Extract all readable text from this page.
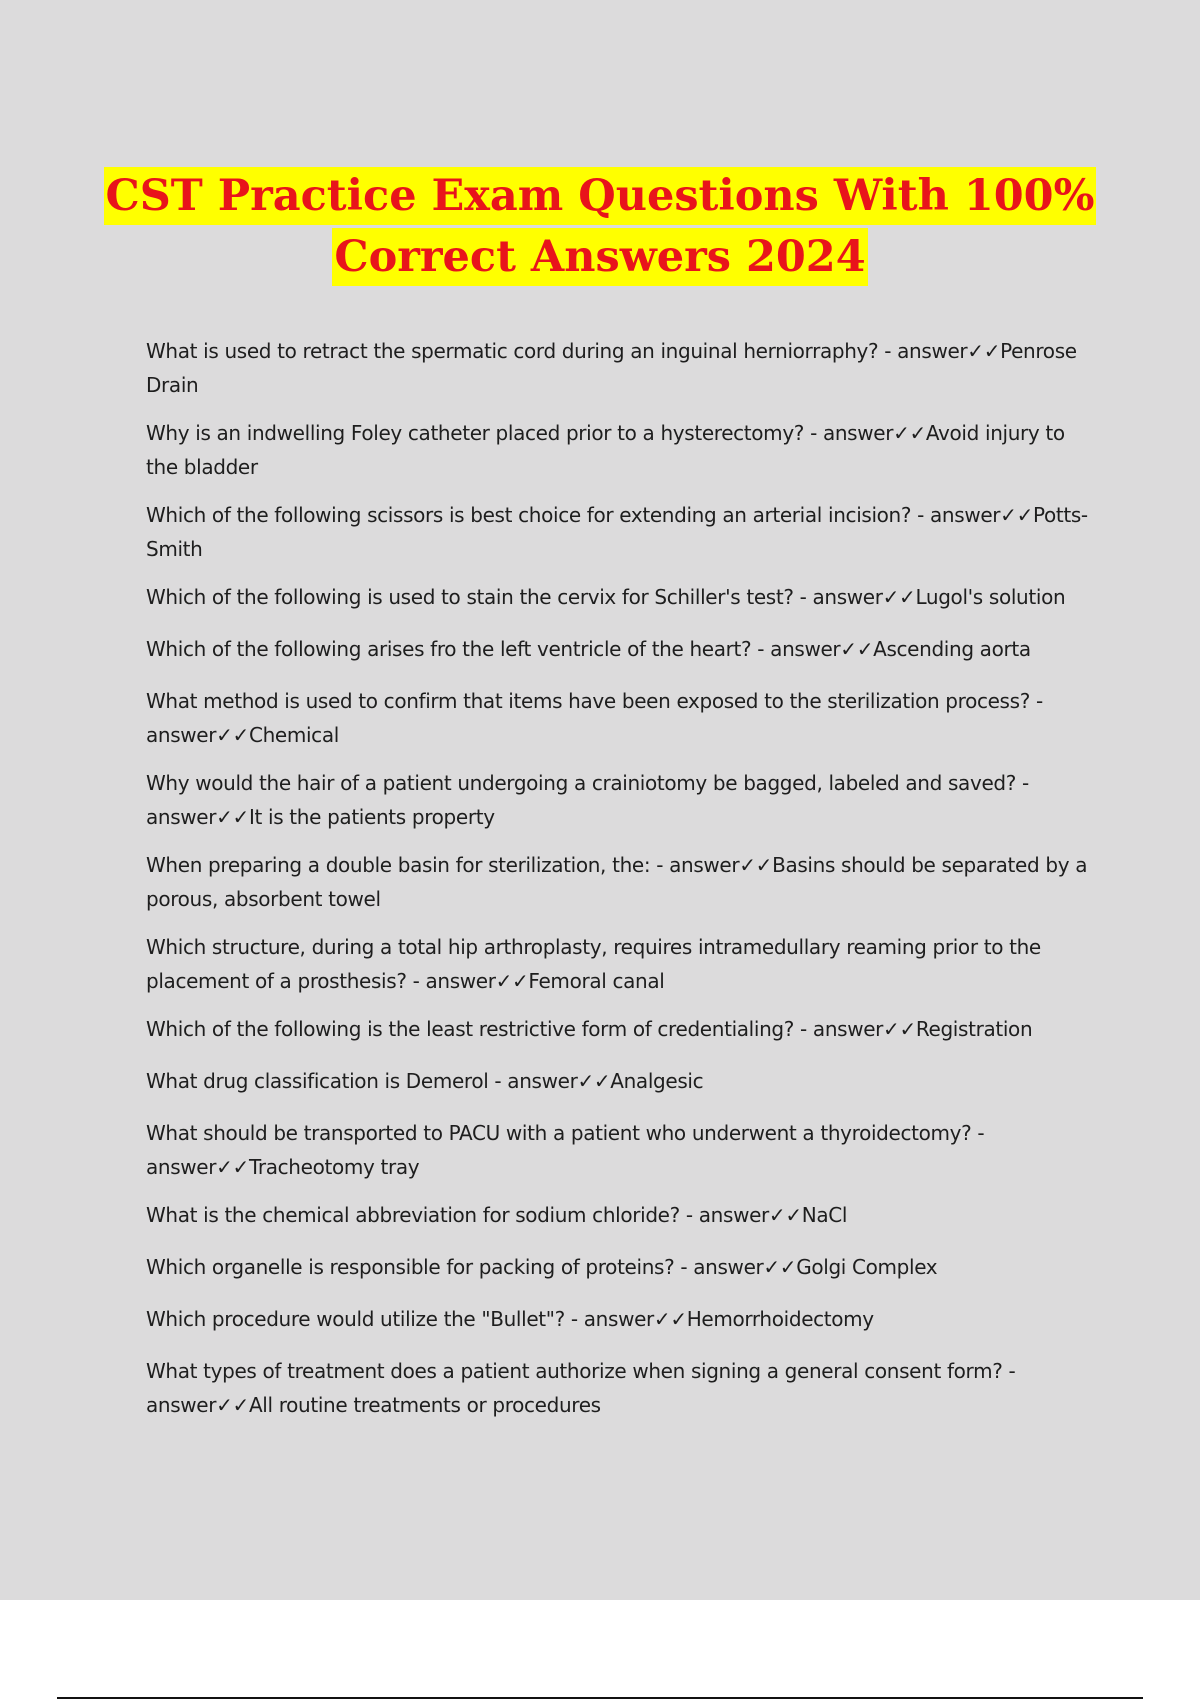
CST Practice Exam Questions With 100%
Correct Answers 2024
What is used to retract the spermatic cord during an inguinal herniorraphy? - answer✓✓Penrose Drain
Why is an indwelling Foley catheter placed prior to a hysterectomy? - answer✓✓Avoid injury to the bladder
Which of the following scissors is best choice for extending an arterial incision? - answer✓✓Potts-Smith
Which of the following is used to stain the cervix for Schiller's test? - answer✓✓Lugol's solution
Which of the following arises fro the left ventricle of the heart? - answer✓✓Ascending aorta
What method is used to confirm that items have been exposed to the sterilization process? - answer✓✓Chemical
Why would the hair of a patient undergoing a crainiotomy be bagged, labeled and saved? - answer✓✓It is the patients property
When preparing a double basin for sterilization, the: - answer✓✓Basins should be separated by a porous, absorbent towel
Which structure, during a total hip arthroplasty, requires intramedullary reaming prior to the placement of a prosthesis? - answer✓✓Femoral canal
Which of the following is the least restrictive form of credentialing? - answer✓✓Registration
What drug classification is Demerol - answer✓✓Analgesic
What should be transported to PACU with a patient who underwent a thyroidectomy? - answer✓✓Tracheotomy tray
What is the chemical abbreviation for sodium chloride? - answer✓✓NaCl
Which organelle is responsible for packing of proteins? - answer✓✓Golgi Complex
Which procedure would utilize the "Bullet"? - answer✓✓Hemorrhoidectomy
What types of treatment does a patient authorize when signing a general consent form? - answer✓✓All routine treatments or procedures
